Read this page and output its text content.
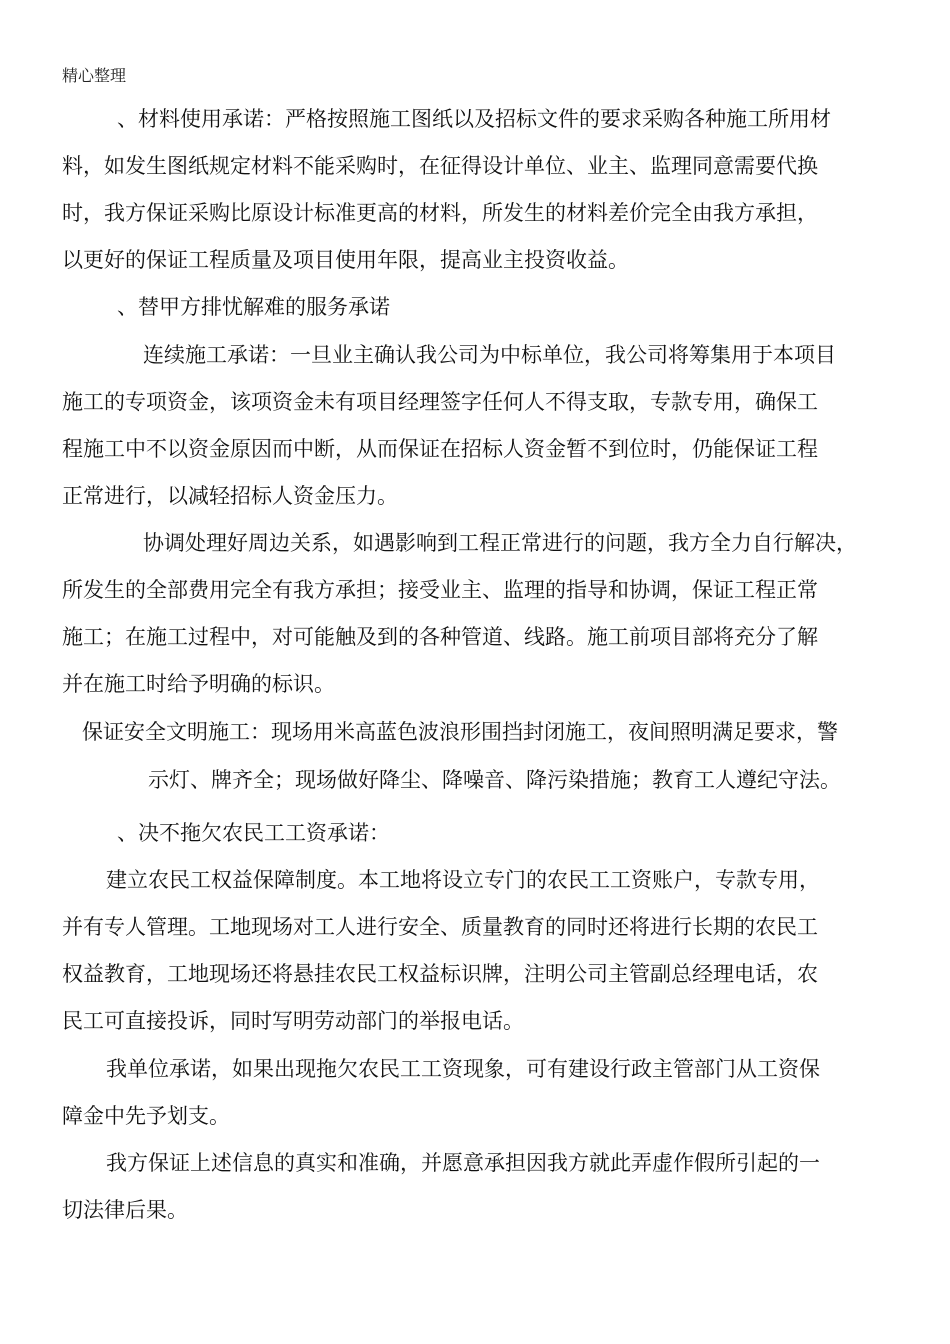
精心整理
、材料使用承诺：严格按照施工图纸以及招标文件的要求采购各种施工所用材
料，如发生图纸规定材料不能采购时，在征得设计单位、业主、监理同意需要代换
时，我方保证采购比原设计标准更高的材料，所发生的材料差价完全由我方承担，
以更好的保证工程质量及项目使用年限，提高业主投资收益。
、替甲方排忧解难的服务承诺
连续施工承诺：一旦业主确认我公司为中标单位，我公司将筹集用于本项目
施工的专项资金，该项资金未有项目经理签字任何人不得支取，专款专用，确保工
程施工中不以资金原因而中断，从而保证在招标人资金暂不到位时，仍能保证工程
正常进行，以减轻招标人资金压力。
协调处理好周边关系，如遇影响到工程正常进行的问题，我方全力自行解决，
所发生的全部费用完全有我方承担；接受业主、监理的指导和协调，保证工程正常
施工；在施工过程中，对可能触及到的各种管道、线路。施工前项目部将充分了解
并在施工时给予明确的标识。
保证安全文明施工：现场用米高蓝色波浪形围挡封闭施工，夜间照明满足要求，警
示灯、牌齐全；现场做好降尘、降噪音、降污染措施；教育工人遵纪守法。
、决不拖欠农民工工资承诺：
建立农民工权益保障制度。本工地将设立专门的农民工工资账户，专款专用，
并有专人管理。工地现场对工人进行安全、质量教育的同时还将进行长期的农民工
权益教育，工地现场还将悬挂农民工权益标识牌，注明公司主管副总经理电话，农
民工可直接投诉，同时写明劳动部门的举报电话。
我单位承诺，如果出现拖欠农民工工资现象，可有建设行政主管部门从工资保
障金中先予划支。
我方保证上述信息的真实和准确，并愿意承担因我方就此弄虚作假所引起的一
切法律后果。
